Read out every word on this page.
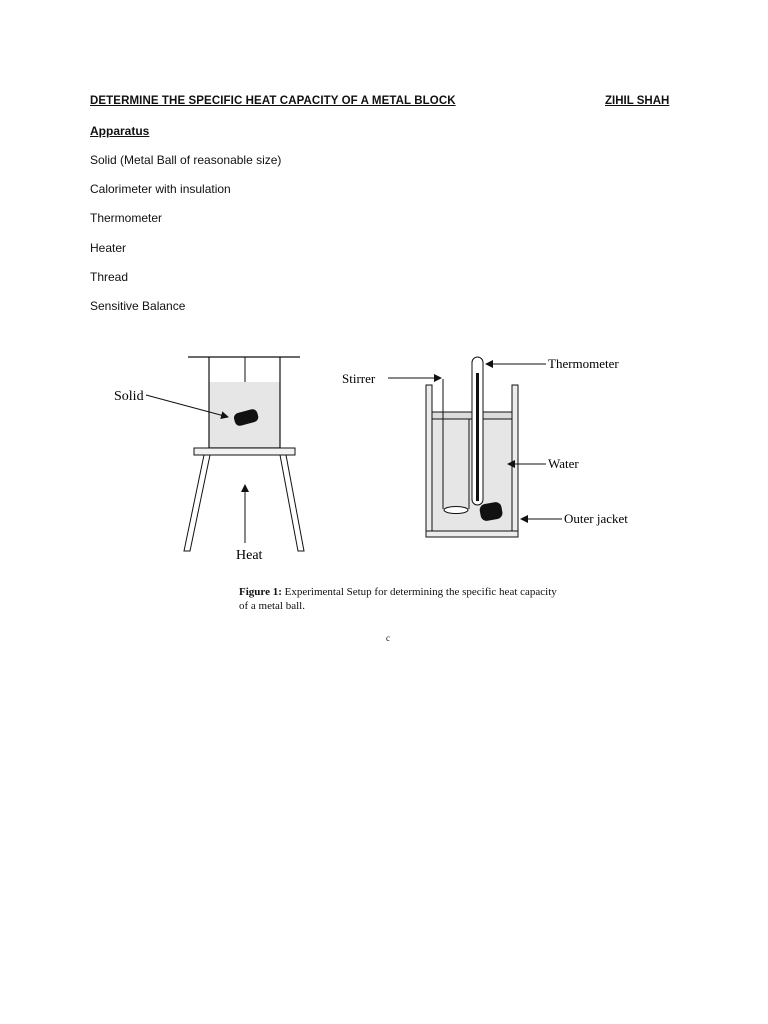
DETERMINE THE SPECIFIC HEAT CAPACITY OF A METAL BLOCK	ZIHIL SHAH
Apparatus
Solid (Metal Ball of reasonable size)
Calorimeter with insulation
Thermometer
Heater
Thread
Sensitive Balance
Solid
Heat
Stirrer
Thermometer
Water
Outer jacket
Figure 1: Experimental Setup for determining the specific heat capacity of a metal ball.
c
